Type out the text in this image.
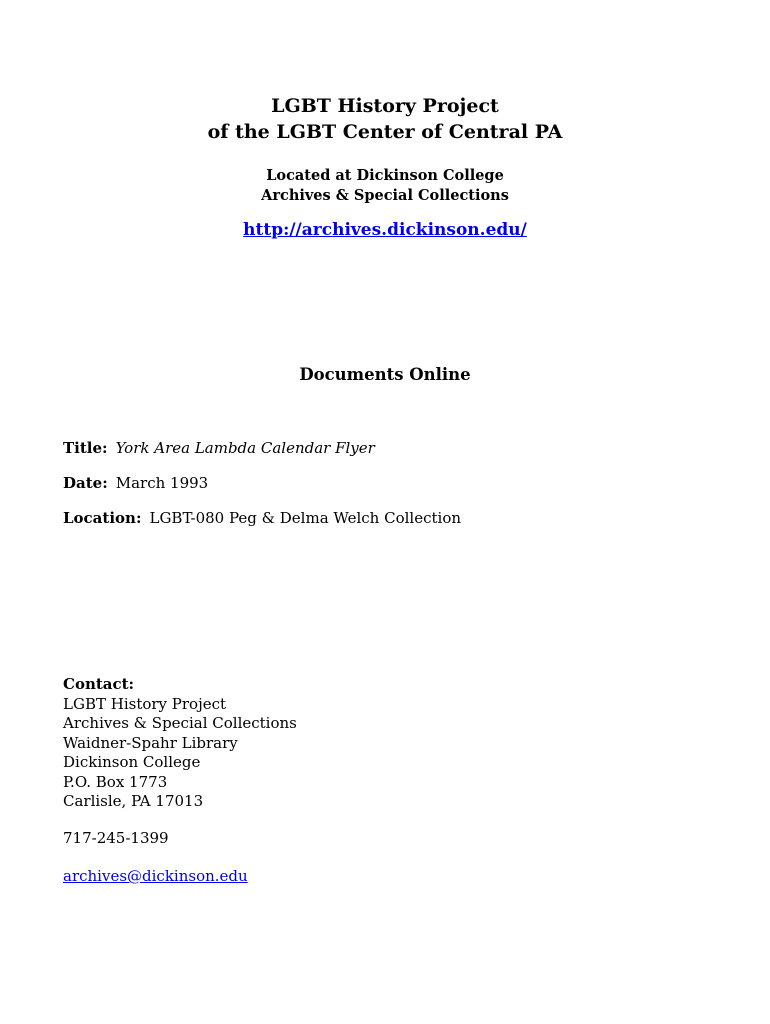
LGBT History Project
of the LGBT Center of Central PA
Located at Dickinson College
Archives & Special Collections
http://archives.dickinson.edu/
Documents Online
Title: York Area Lambda Calendar Flyer
Date: March 1993
Location: LGBT-080 Peg & Delma Welch Collection
Contact:
LGBT History Project
Archives & Special Collections
Waidner-Spahr Library
Dickinson College
P.O. Box 1773
Carlisle, PA 17013
717-245-1399
archives@dickinson.edu
